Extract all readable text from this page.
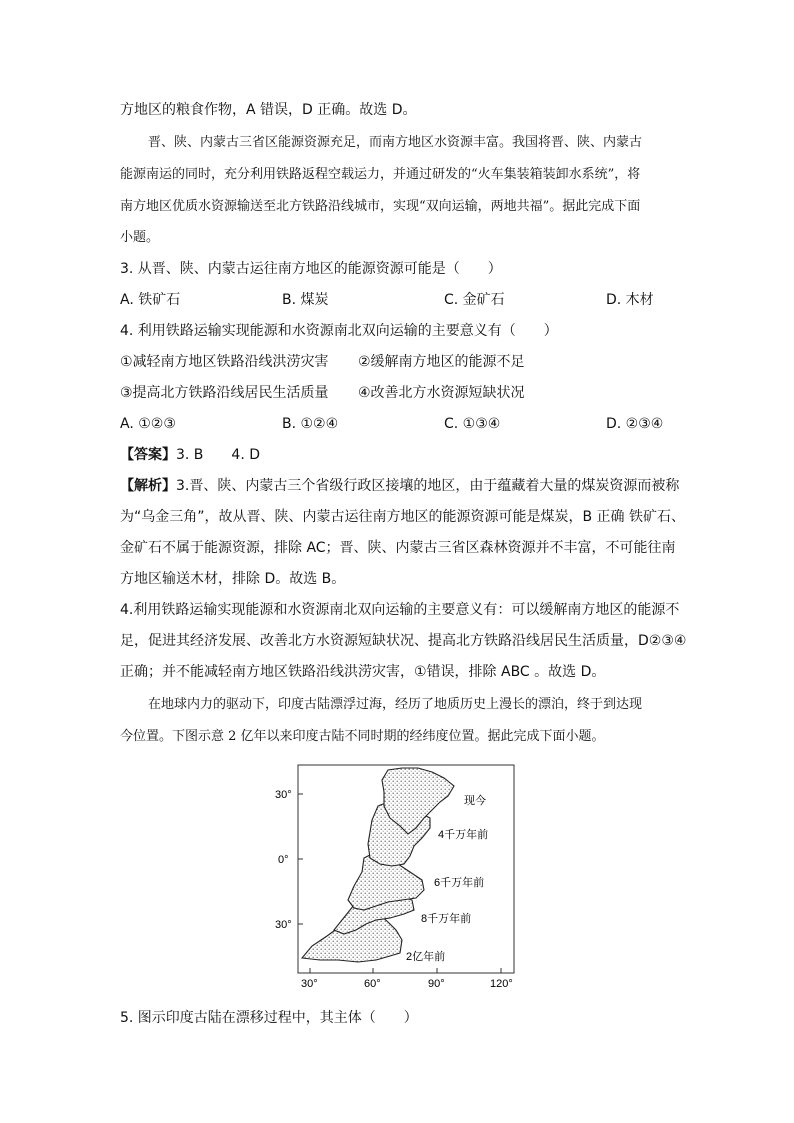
方地区的粮食作物，A 错误，D 正确。故选 D。
晋、陕、内蒙古三省区能源资源充足，而南方地区水资源丰富。我国将晋、陕、内蒙古
能源南运的同时，充分利用铁路返程空载运力，并通过研发的“火车集装箱装卸水系统”，将
南方地区优质水资源输送至北方铁路沿线城市，实现“双向运输，两地共福”。据此完成下面
小题。
3. 从晋、陕、内蒙古运往南方地区的能源资源可能是（　　）
A. 铁矿石	B. 煤炭	C. 金矿石	D. 木材
4. 利用铁路运输实现能源和水资源南北双向运输的主要意义有（　　）
①减轻南方地区铁路沿线洪涝灾害 ②缓解南方地区的能源不足
③提高北方铁路沿线居民生活质量 ④改善北方水资源短缺状况
A. ①②③	B. ①②④	C. ①③④	D. ②③④
【答案】3. B　　4. D
【解析】3.晋、陕、内蒙古三个省级行政区接壤的地区，由于蕴藏着大量的煤炭资源而被称
为“乌金三角”，故从晋、陕、内蒙古运往南方地区的能源资源可能是煤炭，B 正确 铁矿石、
金矿石不属于能源资源，排除 AC；晋、陕、内蒙古三省区森林资源并不丰富，不可能往南
方地区输送木材，排除 D。故选 B。
4.利用铁路运输实现能源和水资源南北双向运输的主要意义有：可以缓解南方地区的能源不
足，促进其经济发展、改善北方水资源短缺状况、提高北方铁路沿线居民生活质量，D②③④
正确；并不能减轻南方地区铁路沿线洪涝灾害，①错误，排除 ABC 。故选 D。
在地球内力的驱动下，印度古陆漂浮过海，经历了地质历史上漫长的漂泊，终于到达现
今位置。下图示意 2 亿年以来印度古陆不同时期的经纬度位置。据此完成下面小题。
30°
0°
30°
30°	60°	90°	120°
现今
4千万年前
6千万年前
8千万年前
2亿年前
5. 图示印度古陆在漂移过程中，其主体（　　）
